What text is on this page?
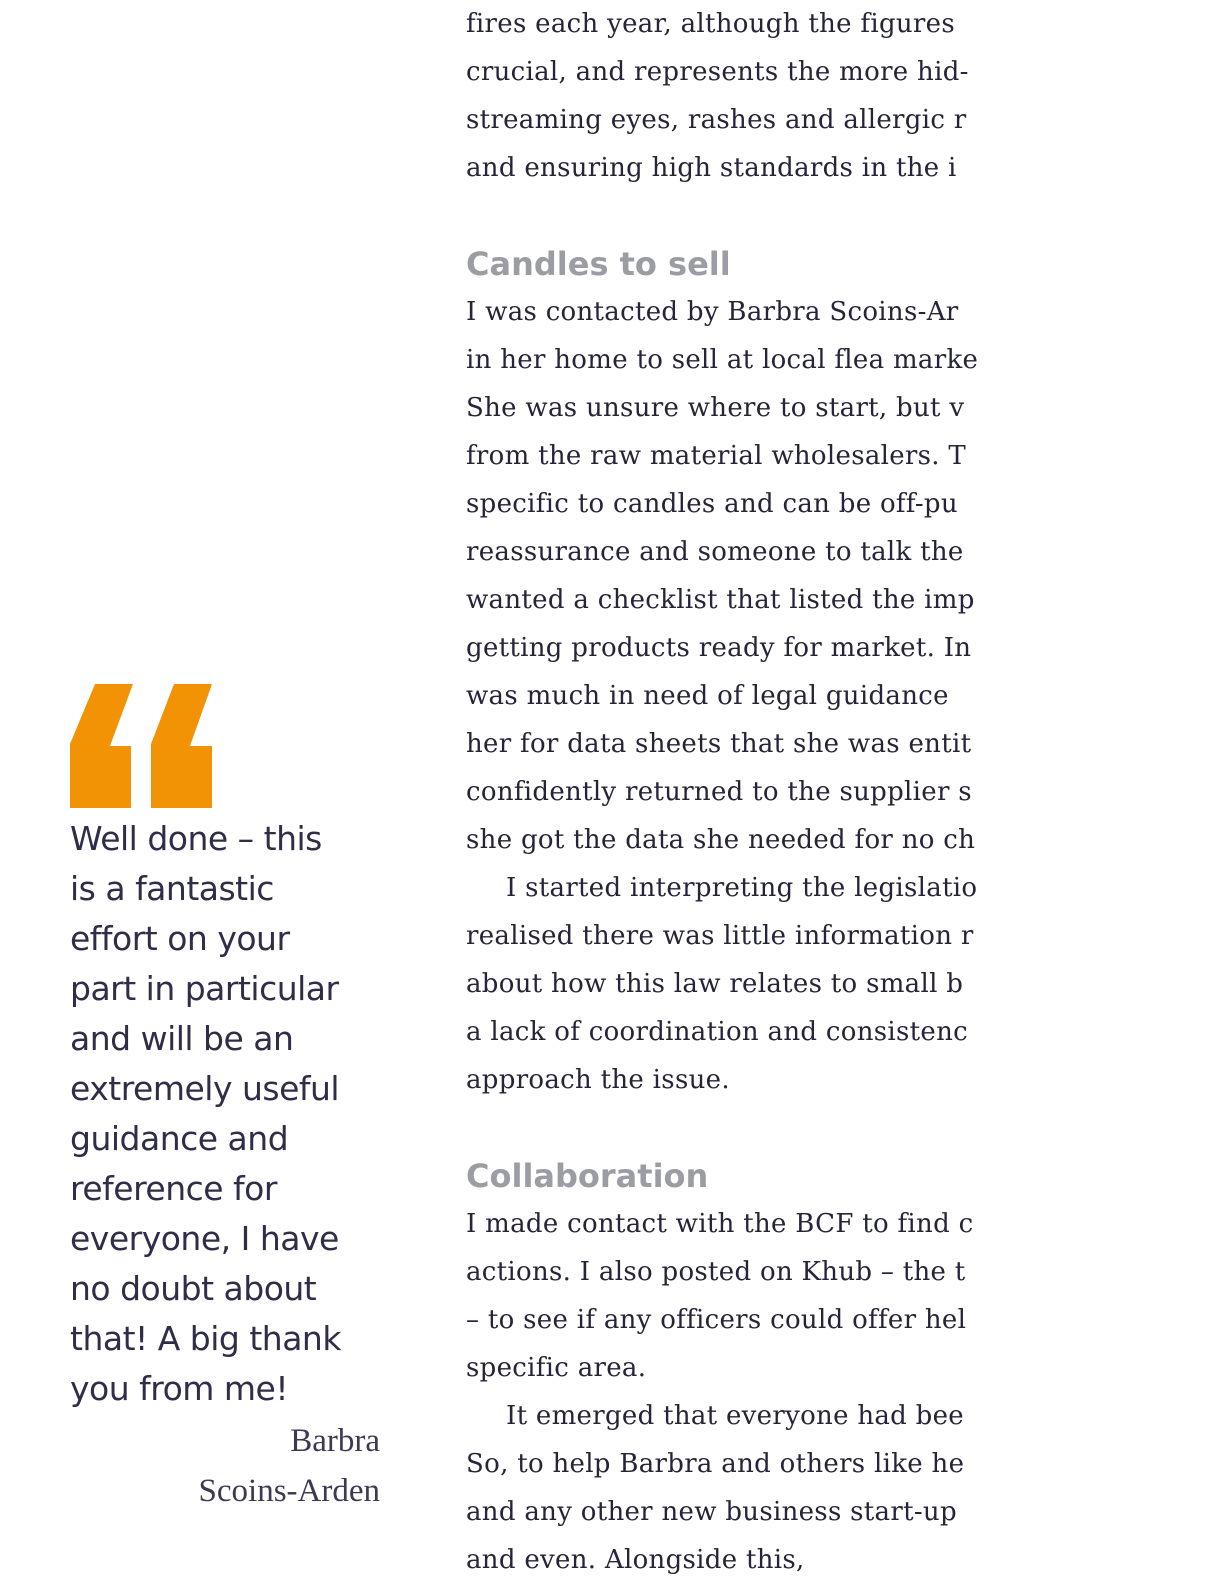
Well done – this
is a fantastic
effort on your
part in particular
and will be an
extremely useful
guidance and
reference for
everyone, I have
no doubt about
that! A big thank
you from me!
Barbra
Scoins-Arden
fires each year, although the figures
crucial, and represents the more hid-
streaming eyes, rashes and allergic r
and ensuring high standards in the i
Candles to sell
I was contacted by Barbra Scoins-Ar
in her home to sell at local flea marke
She was unsure where to start, but v
from the raw material wholesalers. T
specific to candles and can be off-pu
reassurance and someone to talk the
wanted a checklist that listed the imp
getting products ready for market. In
was much in need of legal guidance
her for data sheets that she was entit
confidently returned to the supplier s
she got the data she needed for no ch
I started interpreting the legislatio
realised there was little information r
about how this law relates to small b
a lack of coordination and consistenc
approach the issue.
Collaboration
I made contact with the BCF to find c
actions. I also posted on Khub – the t
– to see if any officers could offer hel
specific area.
It emerged that everyone had bee
So, to help Barbra and others like he
and any other new business start-up
and even. Alongside this,
